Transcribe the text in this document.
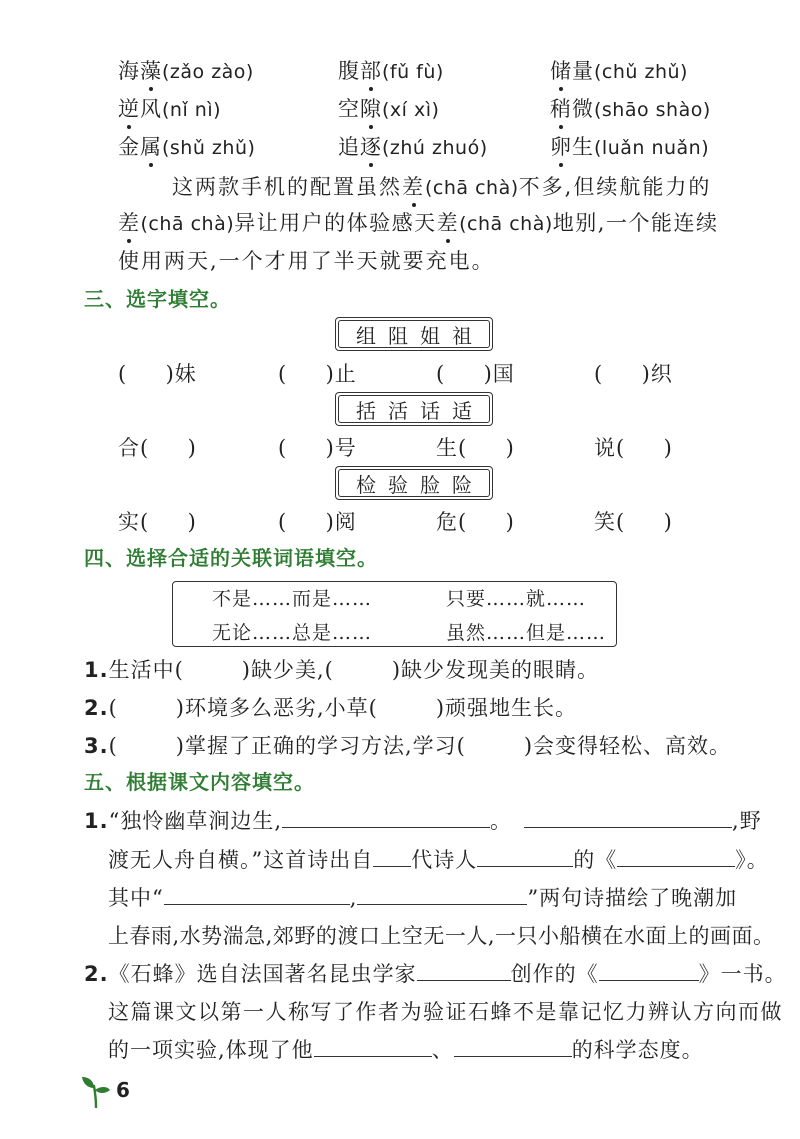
海藻(zǎo zào)	腹部(fǔ fù)	储量(chǔ zhǔ)
逆风(nǐ nì)	空隙(xí xì)	稍微(shāo shào)
金属(shǔ zhǔ)	追逐(zhú zhuó)	卵生(luǎn nuǎn)
这两款手机的配置虽然差(chā chà)不多,但续航能力的
差(chā chà)异让用户的体验感天差(chā chà)地别,一个能连续
使用两天,一个才用了半天就要充电。
三、选字填空。
组 阻 姐 祖
(     )妹	(     )止	(     )国	(     )织
括 活 话 适
合(     )	(     )号	生(     )	说(     )
检 验 脸 险
实(     )	(     )阅	危(     )	笑(     )
四、选择合适的关联词语填空。
不是……而是……	只要……就……
无论……总是……	虽然……但是……
1.生活中(	)缺少美,(	)缺少发现美的眼睛。
2.(	)环境多么恶劣,小草(	)顽强地生长。
3.(	)掌握了正确的学习方法,学习(	)会变得轻松、高效。
五、根据课文内容填空。
1.“独怜幽草涧边生,	。	,野
渡无人舟自横。”这首诗出自 代诗人	的《	》。
其中“	,	”两句诗描绘了晚潮加
上春雨,水势湍急,郊野的渡口上空无一人,一只小船横在水面上的画面。
2.《石蜂》选自法国著名昆虫学家	创作的《	》一书。
这篇课文以第一人称写了作者为验证石蜂不是靠记忆力辨认方向而做
的一项实验,体现了他	、	的科学态度。
6
